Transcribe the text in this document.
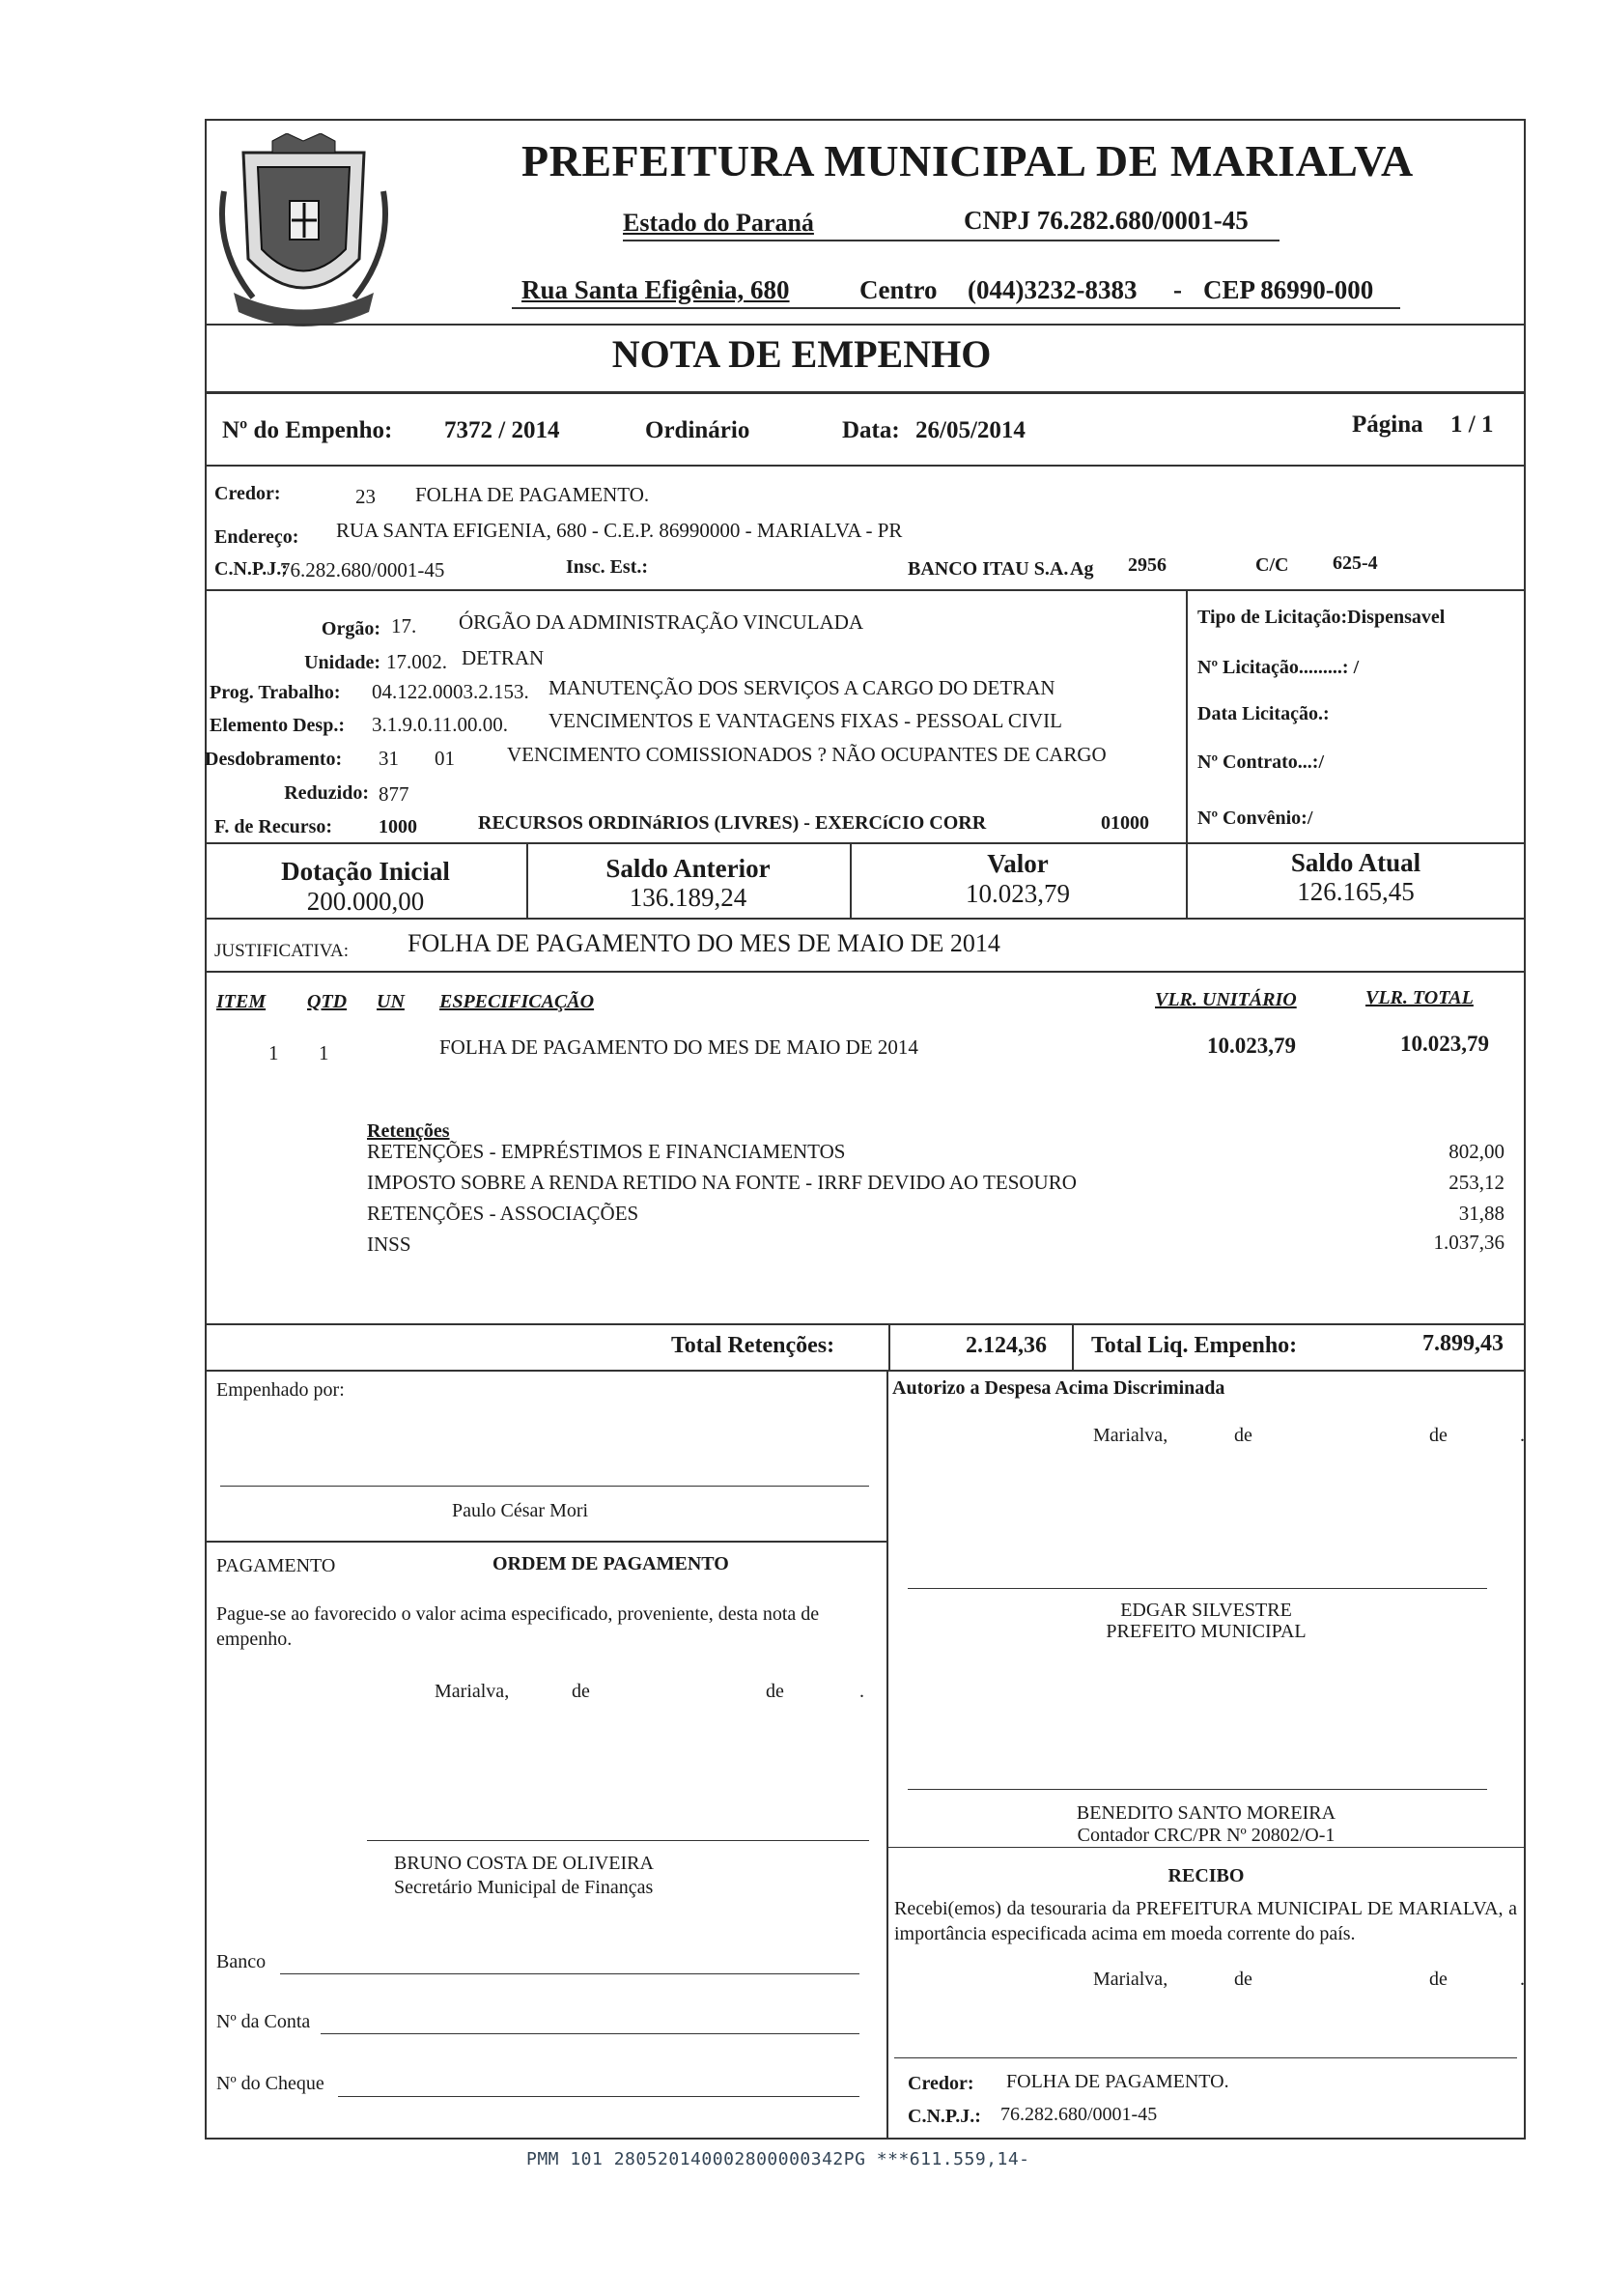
PREFEITURA MUNICIPAL DE MARIALVA
Estado do Paraná	CNPJ 76.282.680/0001-45
Rua Santa Efigênia, 680	Centro (044)3232-8383 - CEP 86990-000
NOTA DE EMPENHO
Nº do Empenho: 7372 / 2014	Ordinário	Data: 26/05/2014	Página 1 / 1
Credor:	23 FOLHA DE PAGAMENTO.
Endereço: RUA SANTA EFIGENIA, 680 - C.E.P. 86990000 - MARIALVA - PR
C.N.P.J.:
76.282.680/0001-45	Insc. Est.:	BANCO ITAU S.A. Ag 2956	C/C 625-4
Orgão: 17. ÓRGÃO DA ADMINISTRAÇÃO VINCULADA
Unidade: 17.002. DETRAN
Prog. Trabalho: 04.122.0003.2.153. MANUTENÇÃO DOS SERVIÇOS A CARGO DO DETRAN
Elemento Desp.: 3.1.9.0.11.00.00. VENCIMENTOS E VANTAGENS FIXAS - PESSOAL CIVIL
Desdobramento: 31 01	VENCIMENTO COMISSIONADOS ? NÃO OCUPANTES DE CARGO
Reduzido: 877
F. de Recurso: 1000	RECURSOS ORDINáRIOS (LIVRES) - EXERCíCIO CORR	01000
Tipo de Licitação:Dispensavel
Nº Licitação.........: /
Data Licitação.:
Nº Contrato...:/
Nº Convênio:/
Dotação Inicial
200.000,00
Saldo Anterior
136.189,24
Valor
10.023,79
Saldo Atual
126.165,45
JUSTIFICATIVA: FOLHA DE PAGAMENTO DO MES DE MAIO DE 2014
ITEM QTD UN ESPECIFICAÇÃO	VLR. UNITÁRIO	VLR. TOTAL
1 1	FOLHA DE PAGAMENTO DO MES DE MAIO DE 2014	10.023,79	10.023,79
Retenções
RETENÇÕES - EMPRÉSTIMOS E FINANCIAMENTOS	802,00
IMPOSTO SOBRE A RENDA RETIDO NA FONTE - IRRF DEVIDO AO TESOURO	253,12
RETENÇÕES - ASSOCIAÇÕES	31,88
INSS	1.037,36
Total Retenções:	2.124,36 Total Liq. Empenho:	7.899,43
Empenhado por:	Autorizo a Despesa Acima Discriminada
Marialva,	de	de	.
Paulo César Mori
PAGAMENTO	ORDEM DE PAGAMENTO
Pague-se ao favorecido o valor acima especificado, proveniente, desta nota de empenho.
Marialva,	de	de	.
EDGAR SILVESTRE
PREFEITO MUNICIPAL
BENEDITO SANTO MOREIRA
Contador CRC/PR Nº 20802/O-1
BRUNO COSTA DE OLIVEIRA
Secretário Municipal de Finanças
RECIBO
Recebi(emos) da tesouraria da PREFEITURA MUNICIPAL DE MARIALVA, a importância especificada acima em moeda corrente do país.
Marialva,	de	de	.
Banco
Nº da Conta
Nº do Cheque	Credor: FOLHA DE PAGAMENTO.
C.N.P.J.: 76.282.680/0001-45
PMM 101 280520140002800000342PG ***611.559,14-
